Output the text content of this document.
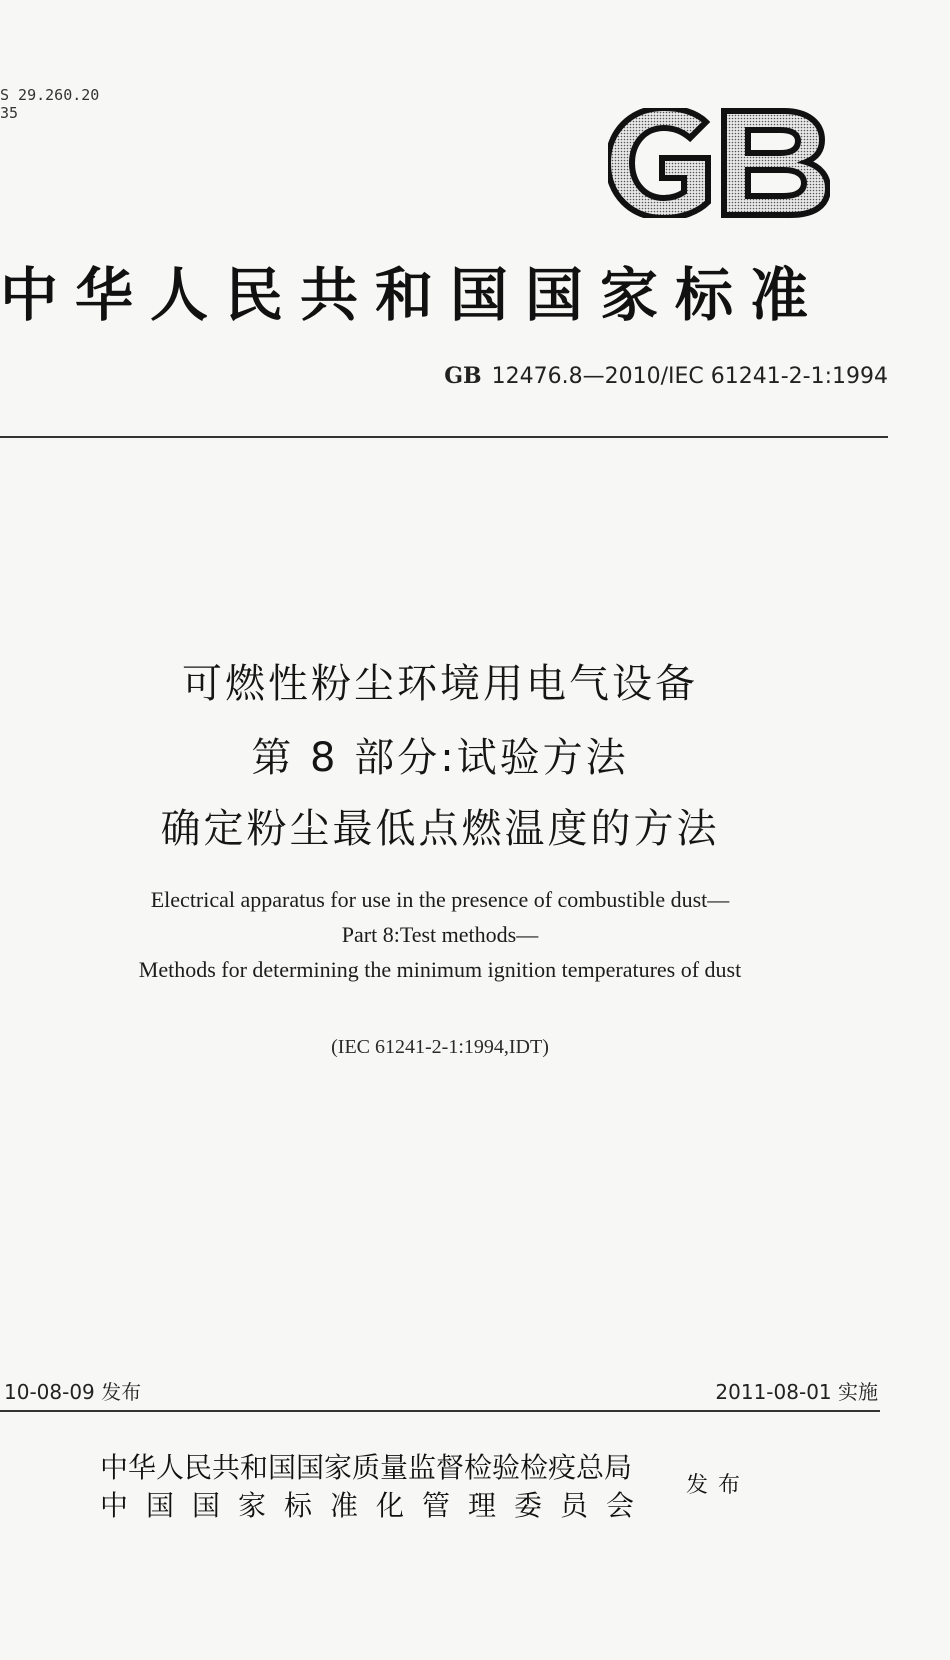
S 29.260.20
35
中华人民共和国国家标准
GB 12476.8—2010/IEC 61241-2-1:1994
可燃性粉尘环境用电气设备
第 8 部分:试验方法
确定粉尘最低点燃温度的方法
Electrical apparatus for use in the presence of combustible dust—
Part 8:Test methods—
Methods for determining the minimum ignition temperatures of dust
(IEC 61241-2-1:1994,IDT)
10-08-09 发布	2011-08-01 实施
中华人民共和国国家质量监督检验检疫总局
中国国家标准化管理委员会
发布
